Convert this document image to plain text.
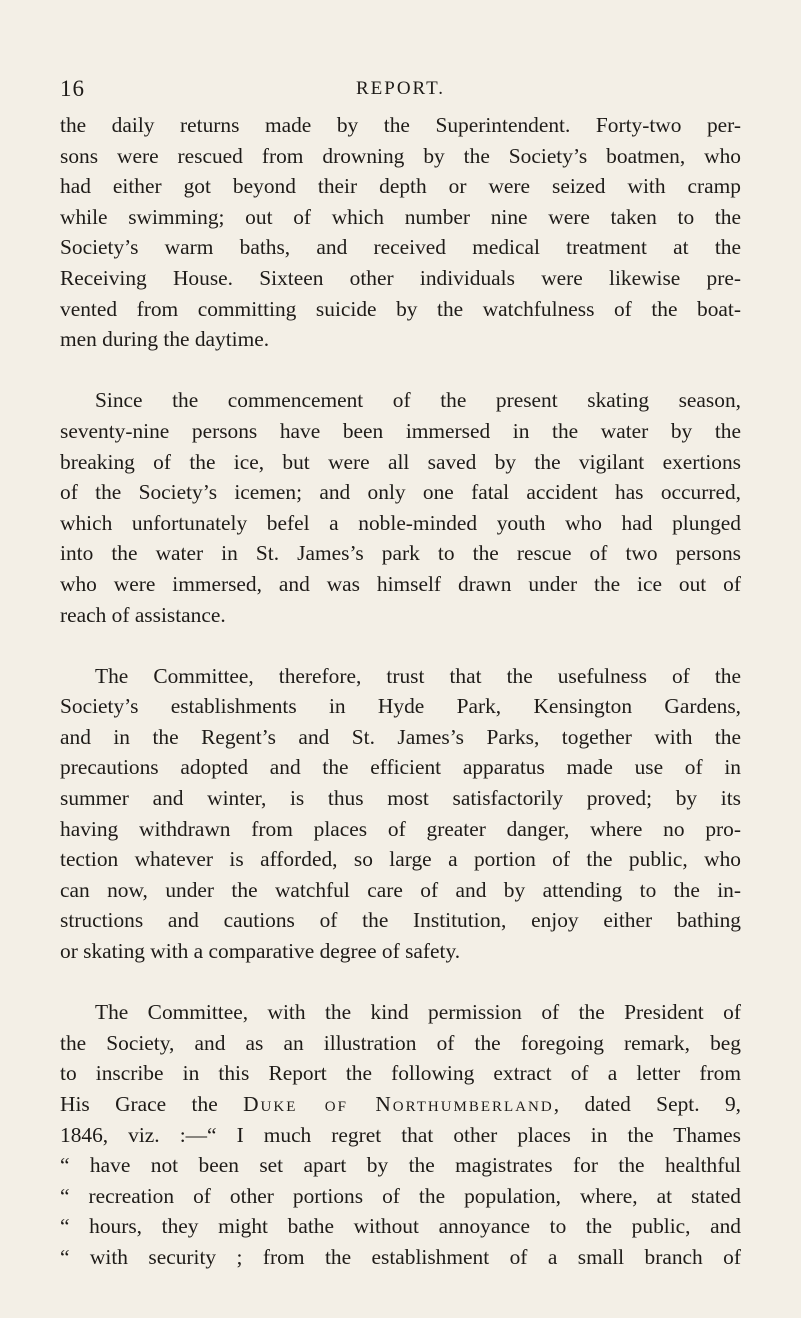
16	REPORT.
the daily returns made by the Superintendent. Forty-two per-
sons were rescued from drowning by the Society’s boatmen, who
had either got beyond their depth or were seized with cramp
while swimming; out of which number nine were taken to the
Society’s warm baths, and received medical treatment at the
Receiving House. Sixteen other individuals were likewise pre-
vented from committing suicide by the watchfulness of the boat-
men during the daytime.
Since the commencement of the present skating season,
seventy-nine persons have been immersed in the water by the
breaking of the ice, but were all saved by the vigilant exertions
of the Society’s icemen; and only one fatal accident has occurred,
which unfortunately befel a noble-minded youth who had plunged
into the water in St. James’s park to the rescue of two persons
who were immersed, and was himself drawn under the ice out of
reach of assistance.
The Committee, therefore, trust that the usefulness of the
Society’s establishments in Hyde Park, Kensington Gardens,
and in the Regent’s and St. James’s Parks, together with the
precautions adopted and the efficient apparatus made use of in
summer and winter, is thus most satisfactorily proved; by its
having withdrawn from places of greater danger, where no pro-
tection whatever is afforded, so large a portion of the public, who
can now, under the watchful care of and by attending to the in-
structions and cautions of the Institution, enjoy either bathing
or skating with a comparative degree of safety.
The Committee, with the kind permission of the President of
the Society, and as an illustration of the foregoing remark, beg
to inscribe in this Report the following extract of a letter from
His Grace the Duke of Northumberland, dated Sept. 9,
1846, viz. :—“ I much regret that other places in the Thames
“ have not been set apart by the magistrates for the healthful
“ recreation of other portions of the population, where, at stated
“ hours, they might bathe without annoyance to the public, and
“ with security ; from the establishment of a small branch of
